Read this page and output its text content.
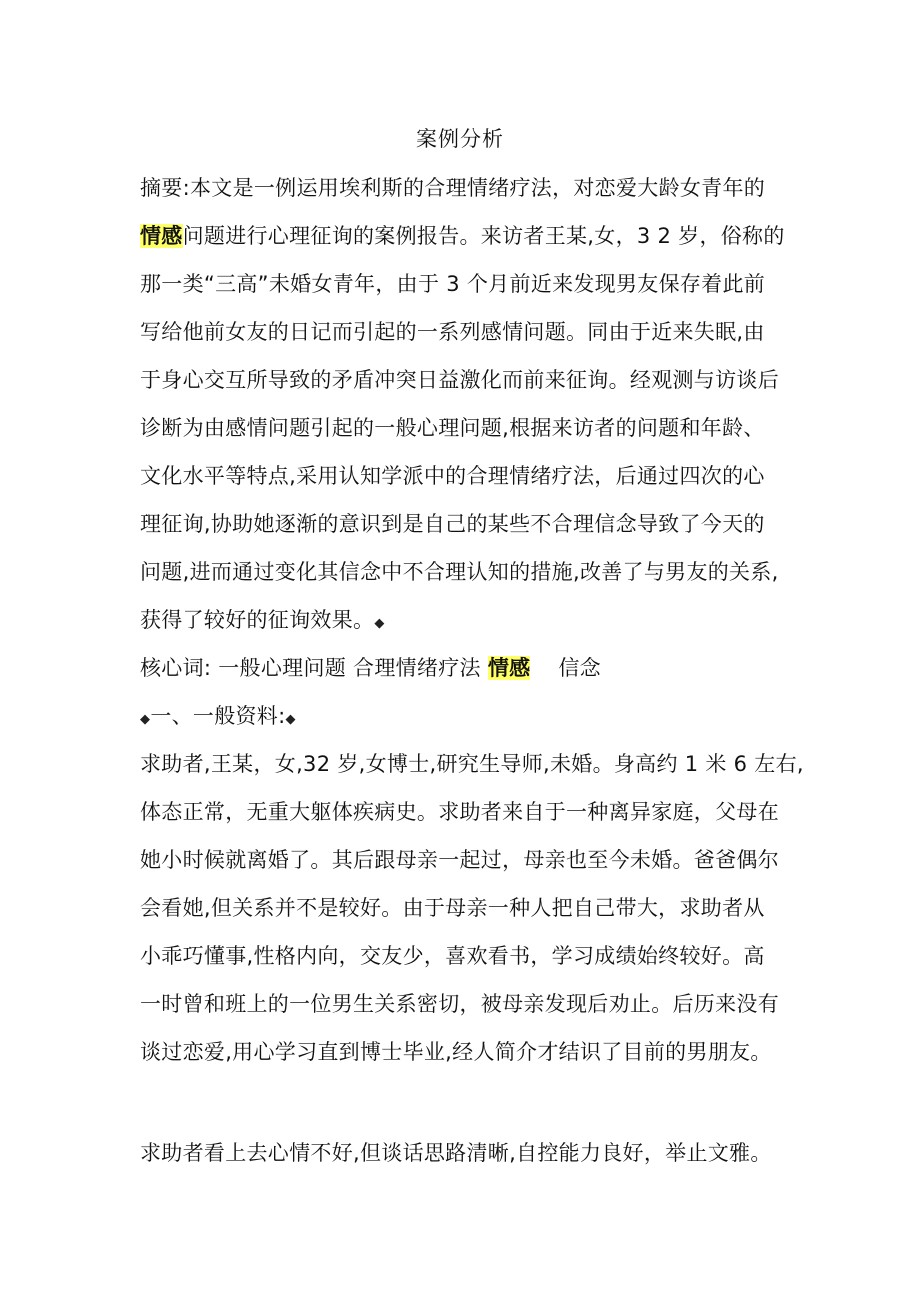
案例分析
摘要:本文是一例运用埃利斯的合理情绪疗法，对恋爱大龄女青年的
情感问题进行心理征询的案例报告。来访者王某,女，3 2 岁，俗称的
那一类“三高”未婚女青年，由于 3 个月前近来发现男友保存着此前
写给他前女友的日记而引起的一系列感情问题。同由于近来失眠,由
于身心交互所导致的矛盾冲突日益激化而前来征询。经观测与访谈后
诊断为由感情问题引起的一般心理问题,根据来访者的问题和年龄、
文化水平等特点,采用认知学派中的合理情绪疗法，后通过四次的心
理征询,协助她逐渐的意识到是自己的某些不合理信念导致了今天的
问题,进而通过变化其信念中不合理认知的措施,改善了与男友的关系,
获得了较好的征询效果。◆
核心词: 一般心理问题 合理情绪疗法 情感    信念
◆一、一般资料:◆
求助者,王某，女,32 岁,女博士,研究生导师,未婚。身高约 1 米 6 左右,
体态正常，无重大躯体疾病史。求助者来自于一种离异家庭，父母在
她小时候就离婚了。其后跟母亲一起过，母亲也至今未婚。爸爸偶尔
会看她,但关系并不是较好。由于母亲一种人把自己带大，求助者从
小乖巧懂事,性格内向，交友少，喜欢看书，学习成绩始终较好。高
一时曾和班上的一位男生关系密切，被母亲发现后劝止。后历来没有
谈过恋爱,用心学习直到博士毕业,经人简介才结识了目前的男朋友。
求助者看上去心情不好,但谈话思路清晰,自控能力良好，举止文雅。
